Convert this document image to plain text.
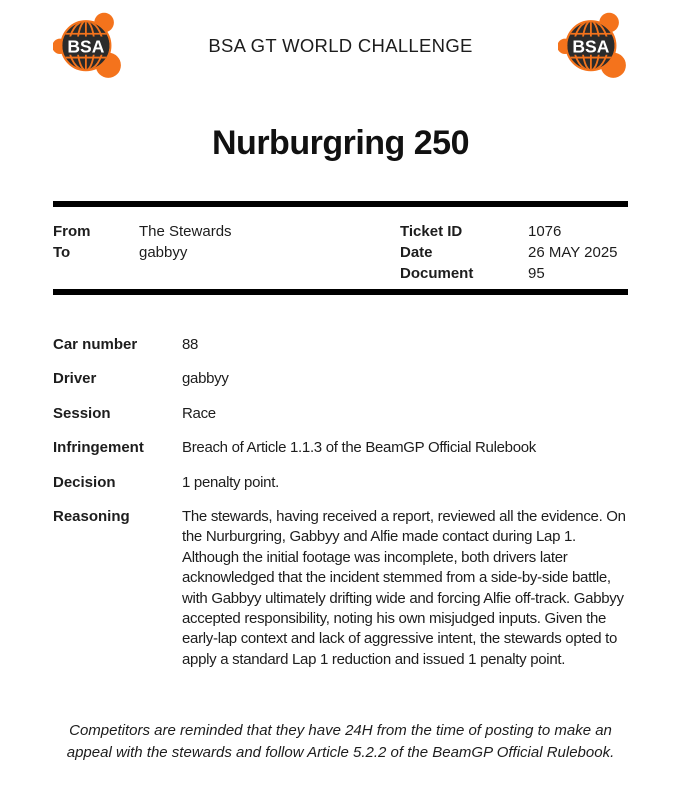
BSA	BSA GT WORLD CHALLENGE
Nurburgring 250
From	The Stewards
To	gabbyy
Ticket ID	1076
Date	26 MAY 2025
Document	95
Car number	88
Driver	gabbyy
Session	Race
Infringement	Breach of Article 1.1.3 of the BeamGP Official Rulebook
Decision	1 penalty point.
Reasoning	The stewards, having received a report, reviewed all the evidence. On the Nurburgring, Gabbyy and Alfie made contact during Lap 1. Although the initial footage was incomplete, both drivers later acknowledged that the incident stemmed from a side-by-side battle, with Gabbyy ultimately drifting wide and forcing Alfie off-track. Gabbyy accepted responsibility, noting his own misjudged inputs. Given the early-lap context and lack of aggressive intent, the stewards opted to apply a standard Lap 1 reduction and issued 1 penalty point.

Competitors are reminded that they have 24H from the time of posting to make an appeal with the stewards and follow Article 5.2.2 of the BeamGP Official Rulebook.
